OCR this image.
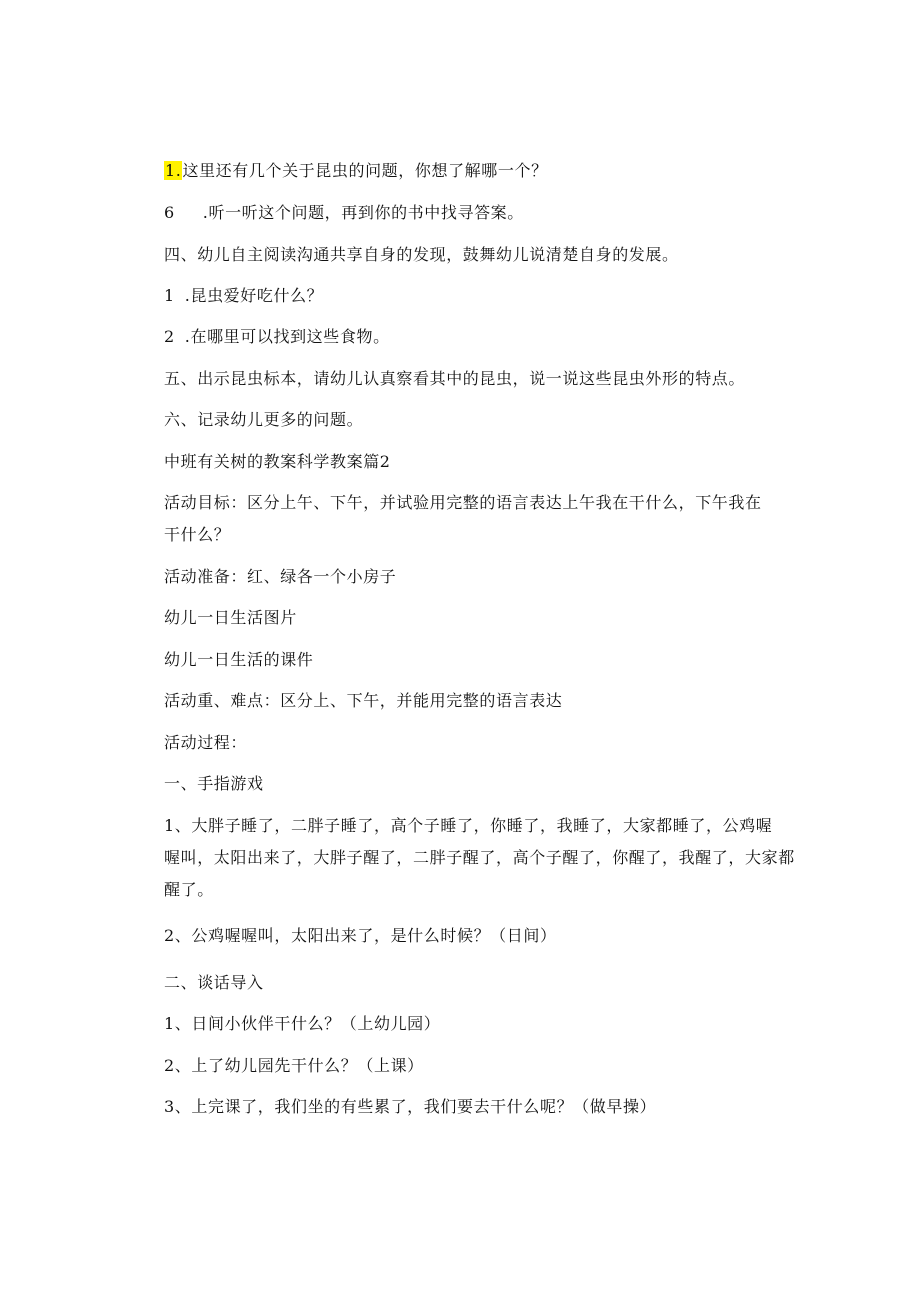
1.这里还有几个关于昆虫的问题，你想了解哪一个？
6 .听一听这个问题，再到你的书中找寻答案。
四、幼儿自主阅读沟通共享自身的发现，鼓舞幼儿说清楚自身的发展。
1 .昆虫爱好吃什么？
2 .在哪里可以找到这些食物。
五、出示昆虫标本，请幼儿认真察看其中的昆虫，说一说这些昆虫外形的特点。
六、记录幼儿更多的问题。
中班有关树的教案科学教案篇2
活动目标：区分上午、下午，并试验用完整的语言表达上午我在干什么，下午我在
干什么？
活动准备：红、绿各一个小房子
幼儿一日生活图片
幼儿一日生活的课件
活动重、难点：区分上、下午，并能用完整的语言表达
活动过程：
一、手指游戏
1、大胖子睡了，二胖子睡了，高个子睡了，你睡了，我睡了，大家都睡了，公鸡喔
喔叫，太阳出来了，大胖子醒了，二胖子醒了，高个子醒了，你醒了，我醒了，大家都
醒了。
2、公鸡喔喔叫，太阳出来了，是什么时候？（日间）
二、谈话导入
1、日间小伙伴干什么？（上幼儿园）
2、上了幼儿园先干什么？（上课）
3、上完课了，我们坐的有些累了，我们要去干什么呢？（做早操）
